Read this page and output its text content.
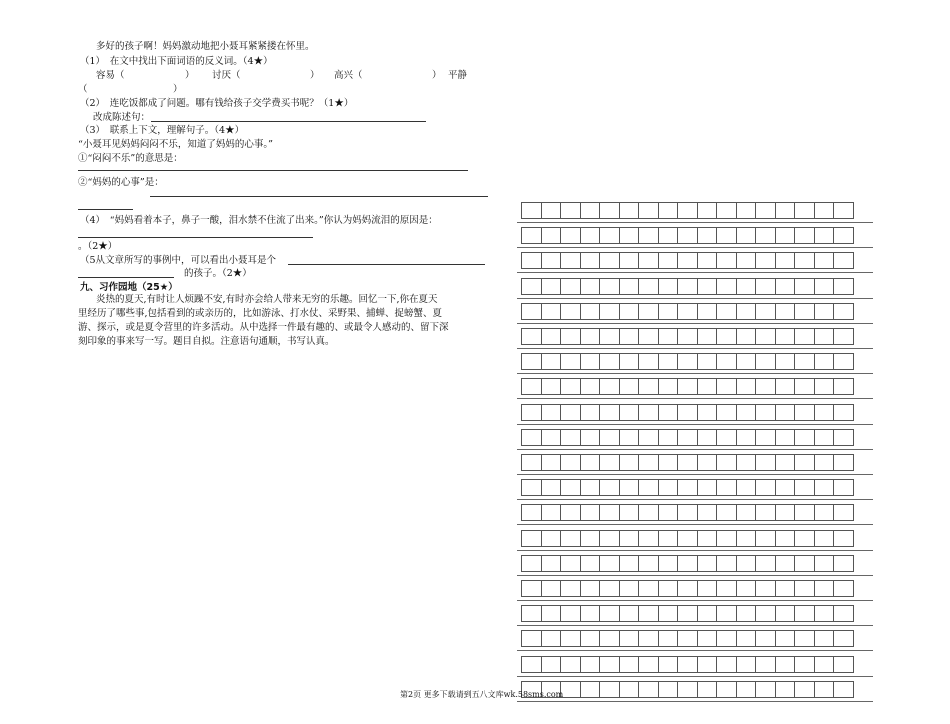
多好的孩子啊！妈妈激动地把小聂耳紧紧搂在怀里。
（1）　在文中找出下面词语的反义词。（4★）
容易（	） 讨厌（	） 高兴（	） 平静
（　　　　　　　　　）
（2）　连吃饭都成了问题。哪有钱给孩子交学费买书呢？（1★）
改成陈述句：
（3）　联系上下文，理解句子。（4★）
“小聂耳见妈妈闷闷不乐，知道了妈妈的心事。”
①“闷闷不乐”的意思是：
②“妈妈的心事”是：
（4）　“妈妈看着本子，鼻子一酸，泪水禁不住流了出来。”你认为妈妈流泪的原因是：
。（2★）
（5从文章所写的事例中，可以看出小聂耳是个
的孩子。（2★）
九、习作园地（25★）
炎热的夏天,有时让人烦躁不安,有时亦会给人带来无穷的乐趣。回忆一下,你在夏天
里经历了哪些事,包括看到的或亲历的，比如游泳、打水仗、采野果、捕蝉、捉螃蟹、夏
游、探示，或是夏令营里的许多活动。从中选择一件最有趣的、或最令人感动的、留下深
刻印象的事来写一写。题目自拟。注意语句通顺，书写认真。
第2页 更多下载请到五八文库wk.58sms.com
